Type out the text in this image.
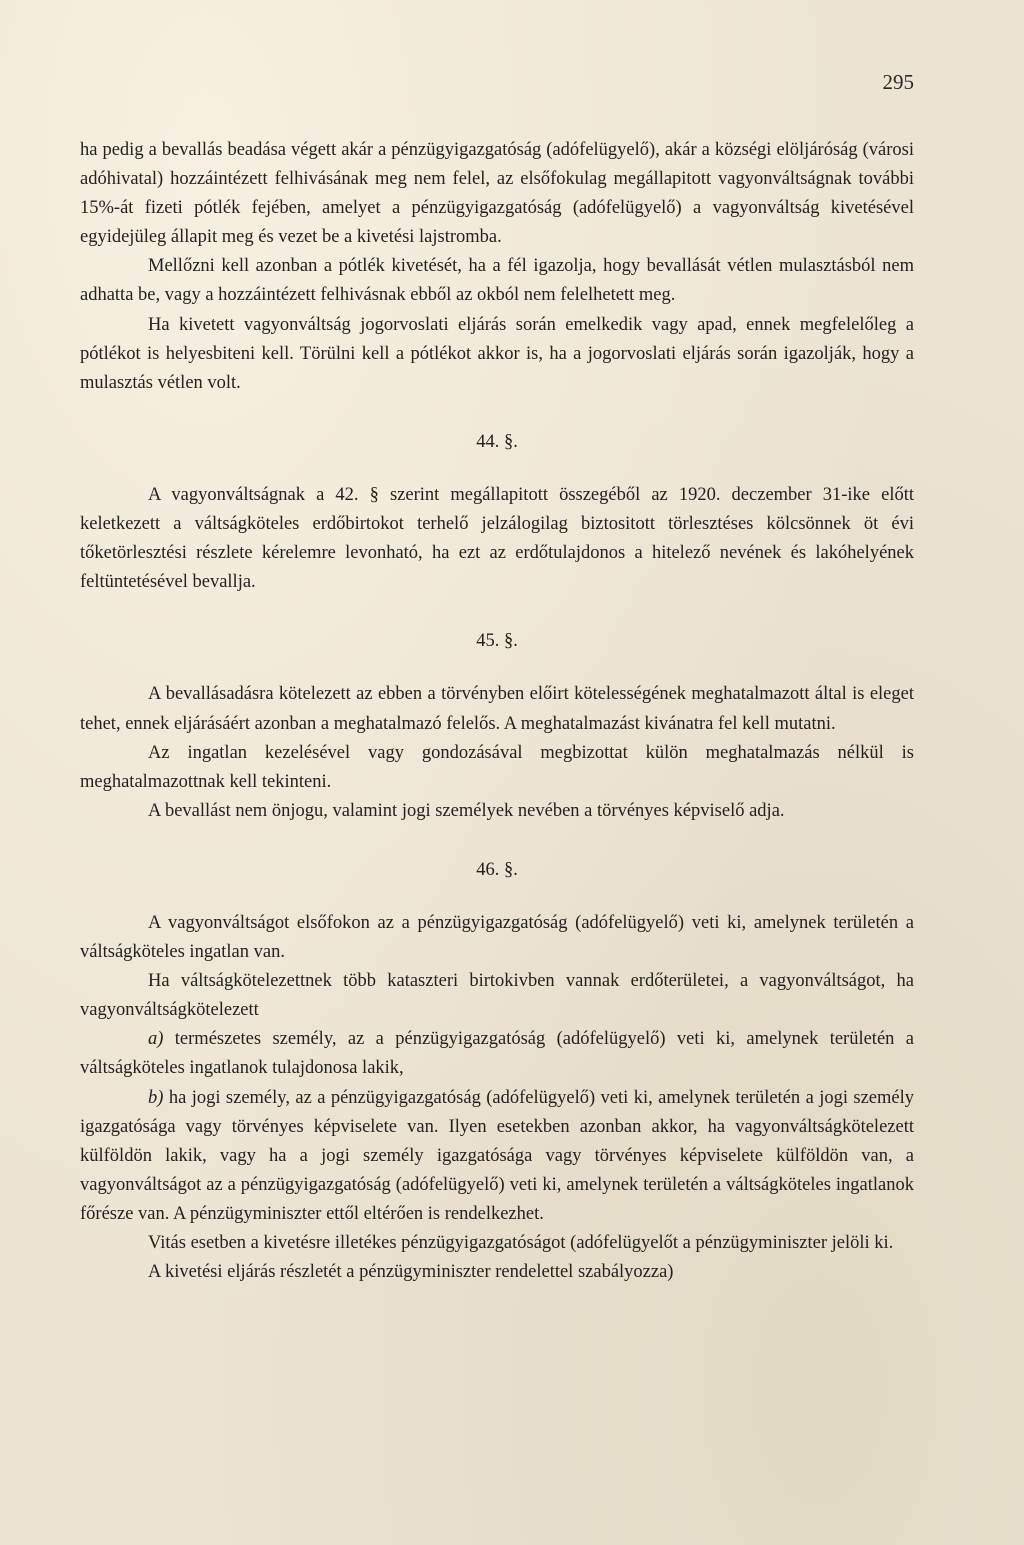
295

ha pedig a bevallás beadása végett akár a pénzügyigazgatóság (adófelügyelő), akár a községi elöljáróság (városi adóhivatal) hozzáintézett felhivásának meg nem felel, az elsőfokulag megállapitott vagyonváltságnak további 15%-át fizeti pótlék fejében, amelyet a pénzügyigazgatóság (adófelügyelő) a vagyonváltság kivetésével egyidejüleg állapit meg és vezet be a kivetési lajstromba.

Mellőzni kell azonban a pótlék kivetését, ha a fél igazolja, hogy bevallását vétlen mulasztásból nem adhatta be, vagy a hozzáintézett felhivásnak ebből az okból nem felelhetett meg.

Ha kivetett vagyonváltság jogorvoslati eljárás során emelkedik vagy apad, ennek megfelelőleg a pótlékot is helyesbiteni kell. Törülni kell a pótlékot akkor is, ha a jogorvoslati eljárás során igazolják, hogy a mulasztás vétlen volt.

44. §.

A vagyonváltságnak a 42. § szerint megállapitott összegéből az 1920. deczember 31-ike előtt keletkezett a váltságköteles erdőbirtokot terhelő jelzálogilag biztositott törlesztéses kölcsönnek öt évi tőketörlesztési részlete kérelemre levonható, ha ezt az erdőtulajdonos a hitelező nevének és lakóhelyének feltüntetésével bevallja.

45. §.

A bevallásadásra kötelezett az ebben a törvényben előirt kötelességének meghatalmazott által is eleget tehet, ennek eljárásáért azonban a meghatalmazó felelős. A meghatalmazást kivánatra fel kell mutatni.

Az ingatlan kezelésével vagy gondozásával megbizottat külön meghatalmazás nélkül is meghatalmazottnak kell tekinteni.

A bevallást nem önjogu, valamint jogi személyek nevében a törvényes képviselő adja.

46. §.

A vagyonváltságot elsőfokon az a pénzügyigazgatóság (adófelügyelő) veti ki, amelynek területén a váltságköteles ingatlan van.

Ha váltságkötelezettnek több kataszteri birtokivben vannak erdőterületei, a vagyonváltságot, ha vagyonváltságkötelezett

a) természetes személy, az a pénzügyigazgatóság (adófelügyelő) veti ki, amelynek területén a váltságköteles ingatlanok tulajdonosa lakik,

b) ha jogi személy, az a pénzügyigazgatóság (adófelügyelő) veti ki, amelynek területén a jogi személy igazgatósága vagy törvényes képviselete van. Ilyen esetekben azonban akkor, ha vagyonváltságkötelezett külföldön lakik, vagy ha a jogi személy igazgatósága vagy törvényes képviselete külföldön van, a vagyonváltságot az a pénzügyigazgatóság (adófelügyelő) veti ki, amelynek területén a váltságköteles ingatlanok főrésze van. A pénzügyminiszter ettől eltérően is rendelkezhet.

Vitás esetben a kivetésre illetékes pénzügyigazgatóságot (adófelügyelőt a pénzügyminiszter jelöli ki.

A kivetési eljárás részletét a pénzügyminiszter rendelettel szabályozza)
